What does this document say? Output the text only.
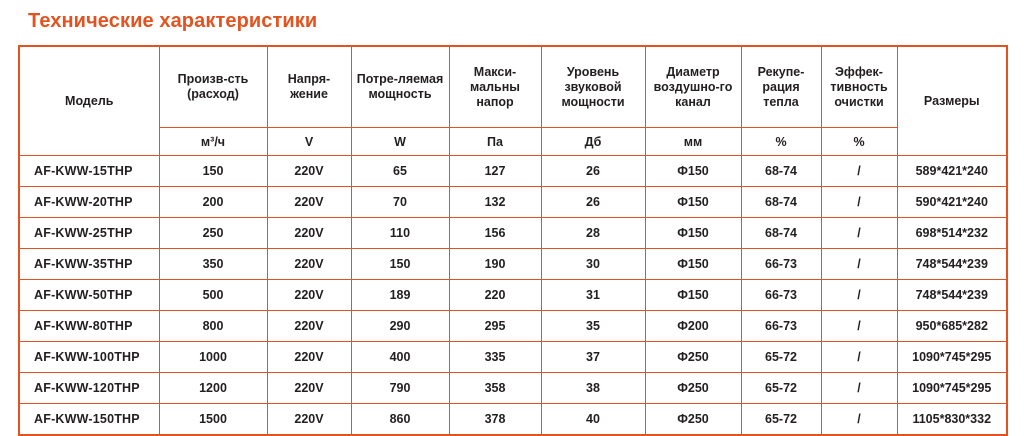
Технические характеристики
Модель	Произв-сть (расход)	Напря-жение	Потре-ляемая мощность	Макси-мальны напор	Уровень звуковой мощности	Диаметр воздушно-го канал	Рекупе-рация тепла	Эффек-тивность очистки	Размеры
	м³/ч	V	W	Па	Дб	мм	%	%	
AF-KWW-15THP	150	220V	65	127	26	Ф150	68-74	/	589*421*240
AF-KWW-20THP	200	220V	70	132	26	Ф150	68-74	/	590*421*240
AF-KWW-25THP	250	220V	110	156	28	Ф150	68-74	/	698*514*232
AF-KWW-35THP	350	220V	150	190	30	Ф150	66-73	/	748*544*239
AF-KWW-50THP	500	220V	189	220	31	Ф150	66-73	/	748*544*239
AF-KWW-80THP	800	220V	290	295	35	Ф200	66-73	/	950*685*282
AF-KWW-100THP	1000	220V	400	335	37	Ф250	65-72	/	1090*745*295
AF-KWW-120THP	1200	220V	790	358	38	Ф250	65-72	/	1090*745*295
AF-KWW-150THP	1500	220V	860	378	40	Ф250	65-72	/	1105*830*332
